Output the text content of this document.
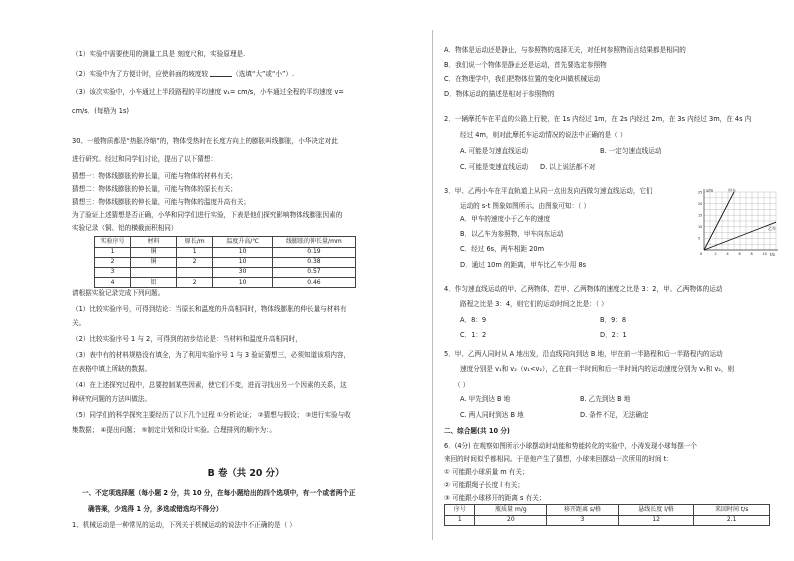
（1）实验中需要使用的测量工具是 刻度尺和，实验原理是.
（2）实验中为了方便计时，应使斜面的坡度较	（选填“大”或“小”）.
（3）该次实验中，小车通过上半段路程的平均速度 v₁= cm/s，小车通过全程的平均速度 v=
cm/s．(每格为 1s)
30、一般物质都是“热胀冷缩”的，物体受热时在长度方向上的膨胀叫线膨胀，小华决定对此
进行研究。经过和同学们讨论，提出了以下猜想：
猜想一：物体线膨胀的伸长量，可能与物体的材料有关；
猜想二：物体线膨胀的伸长量，可能与物体的原长有关；
猜想三：物体线膨胀的伸长量，可能与物体的温度升高有关；
为了验证上述猜想是否正确，小华和同学们进行实验，下表是他们探究影响物体线膨胀因素的
实验记录（铜、铝的横截面积相同）
实验序号	材料	原长/m	温度升高/℃	线膨胀的伸长量/mm
1	铜	1	10	0.19
2	铜	2	10	0.38
3			30	0.57
4	铝	2	10	0.46
请根据实验记录完成下列问题。
（1）比较实验序号，可得到结论：当原长和温度的升高相同时，物体线膨胀的伸长量与材料有
关。
（2）比较实验序号 1 与 2，可得到的初步结论是：当材料和温度升高相同时，
（3）表中有的材料规格没有填全，为了利用实验序号 1 与 3 验证猜想三，必须知道该项内容，
在表格中填上所缺的数据。
（4）在上述探究过程中，总要控制某些因素，使它们不变，进而寻找出另一个因素的关系，这
种研究问题的方法叫做法。
（5）同学们的科学探究主要经历了以下几个过程 ①分析论证； ②猜想与假设； ③进行实验与收
集数据； ④提出问题； ⑤制定计划和设计实验。合理排列的顺序为：。
B 卷（共 20 分）
一、不定项选择题（每小题 2 分，共 10 分，在每小题给出的四个选项中，有一个或者两个正
确答案，少选得 1 分，多选或错选均不得分）
1、机械运动是一种常见的运动，下列关于机械运动的说法中不正确的是（ ）
A．物体是运动还是静止，与参照物的选择无关，对任何参照物而言结果都是相同的
B．我们说一个物体是静止还是运动，首先要选定参照物
C．在物理学中，我们把物体位置的变化叫做机械运动
D．物体运动的描述是相对于参照物的
2．一辆摩托车在平直的公路上行驶，在 1s 内经过 1m，在 2s 内经过 2m，在 3s 内经过 3m，在 4s 内
经过 4m，则对此摩托车运动情况的说法中正确的是（ ）
A. 可能是匀速直线运动	B. 一定匀速直线运动
C. 可能是变速直线运动 D. 以上说法都不对
3．甲、乙两小车在平直轨道上从同一点出发向西做匀速直线运动，它们
运动的 s-t 图象如图所示。由图象可知：（ ）
A．甲车的速度小于乙车的速度
B．以乙车为参照物，甲车向东运动
C．经过 6s，两车相距 20m
D．通过 10m 的距离，甲车比乙车少用 8s
s/m
t/s
0
甲车
乙车
5
10
15
20
25
2	4	6	8	10
4．作匀速直线运动的甲、乙两物体，若甲、乙两物体的速度之比是 3：2，甲、乙两物体的运动
路程之比是 3：4，则它们的运动时间之比是：（ ）
A．8：9	B．9：8
C．1：2	D．2：1
5．甲、乙两人同时从 A 地出发，沿直线同向到达 B 地，甲在前一半路程和后一半路程内的运动
速度分别是 v₁和 v₂（v₁<v₂），乙在前一半时间和后一半时间内的运动速度分别为 v₁和 v₂，则
（ ）
A. 甲先到达 B 地	B. 乙先到达 B 地
C. 两人同时到达 B 地	D. 条件不足，无法确定
二、综合题(共 10 分)
6．(4分) 在观察如图所示小球摆动时动能和势能转化的实验中，小涛发现小球每摆一个
来回的时间似乎都相同。于是他产生了猜想，小球来回摆动一次所用的时间 t：
① 可能跟小球质量 m 有关；
② 可能跟绳子长度 l 有关；
③ 可能跟小球移开的距离 s 有关；
序号	瓶质量 m/g	移开距离 s/格	悬线长度 l/格	来回时间 t/s
1	20	3	12	2.1
